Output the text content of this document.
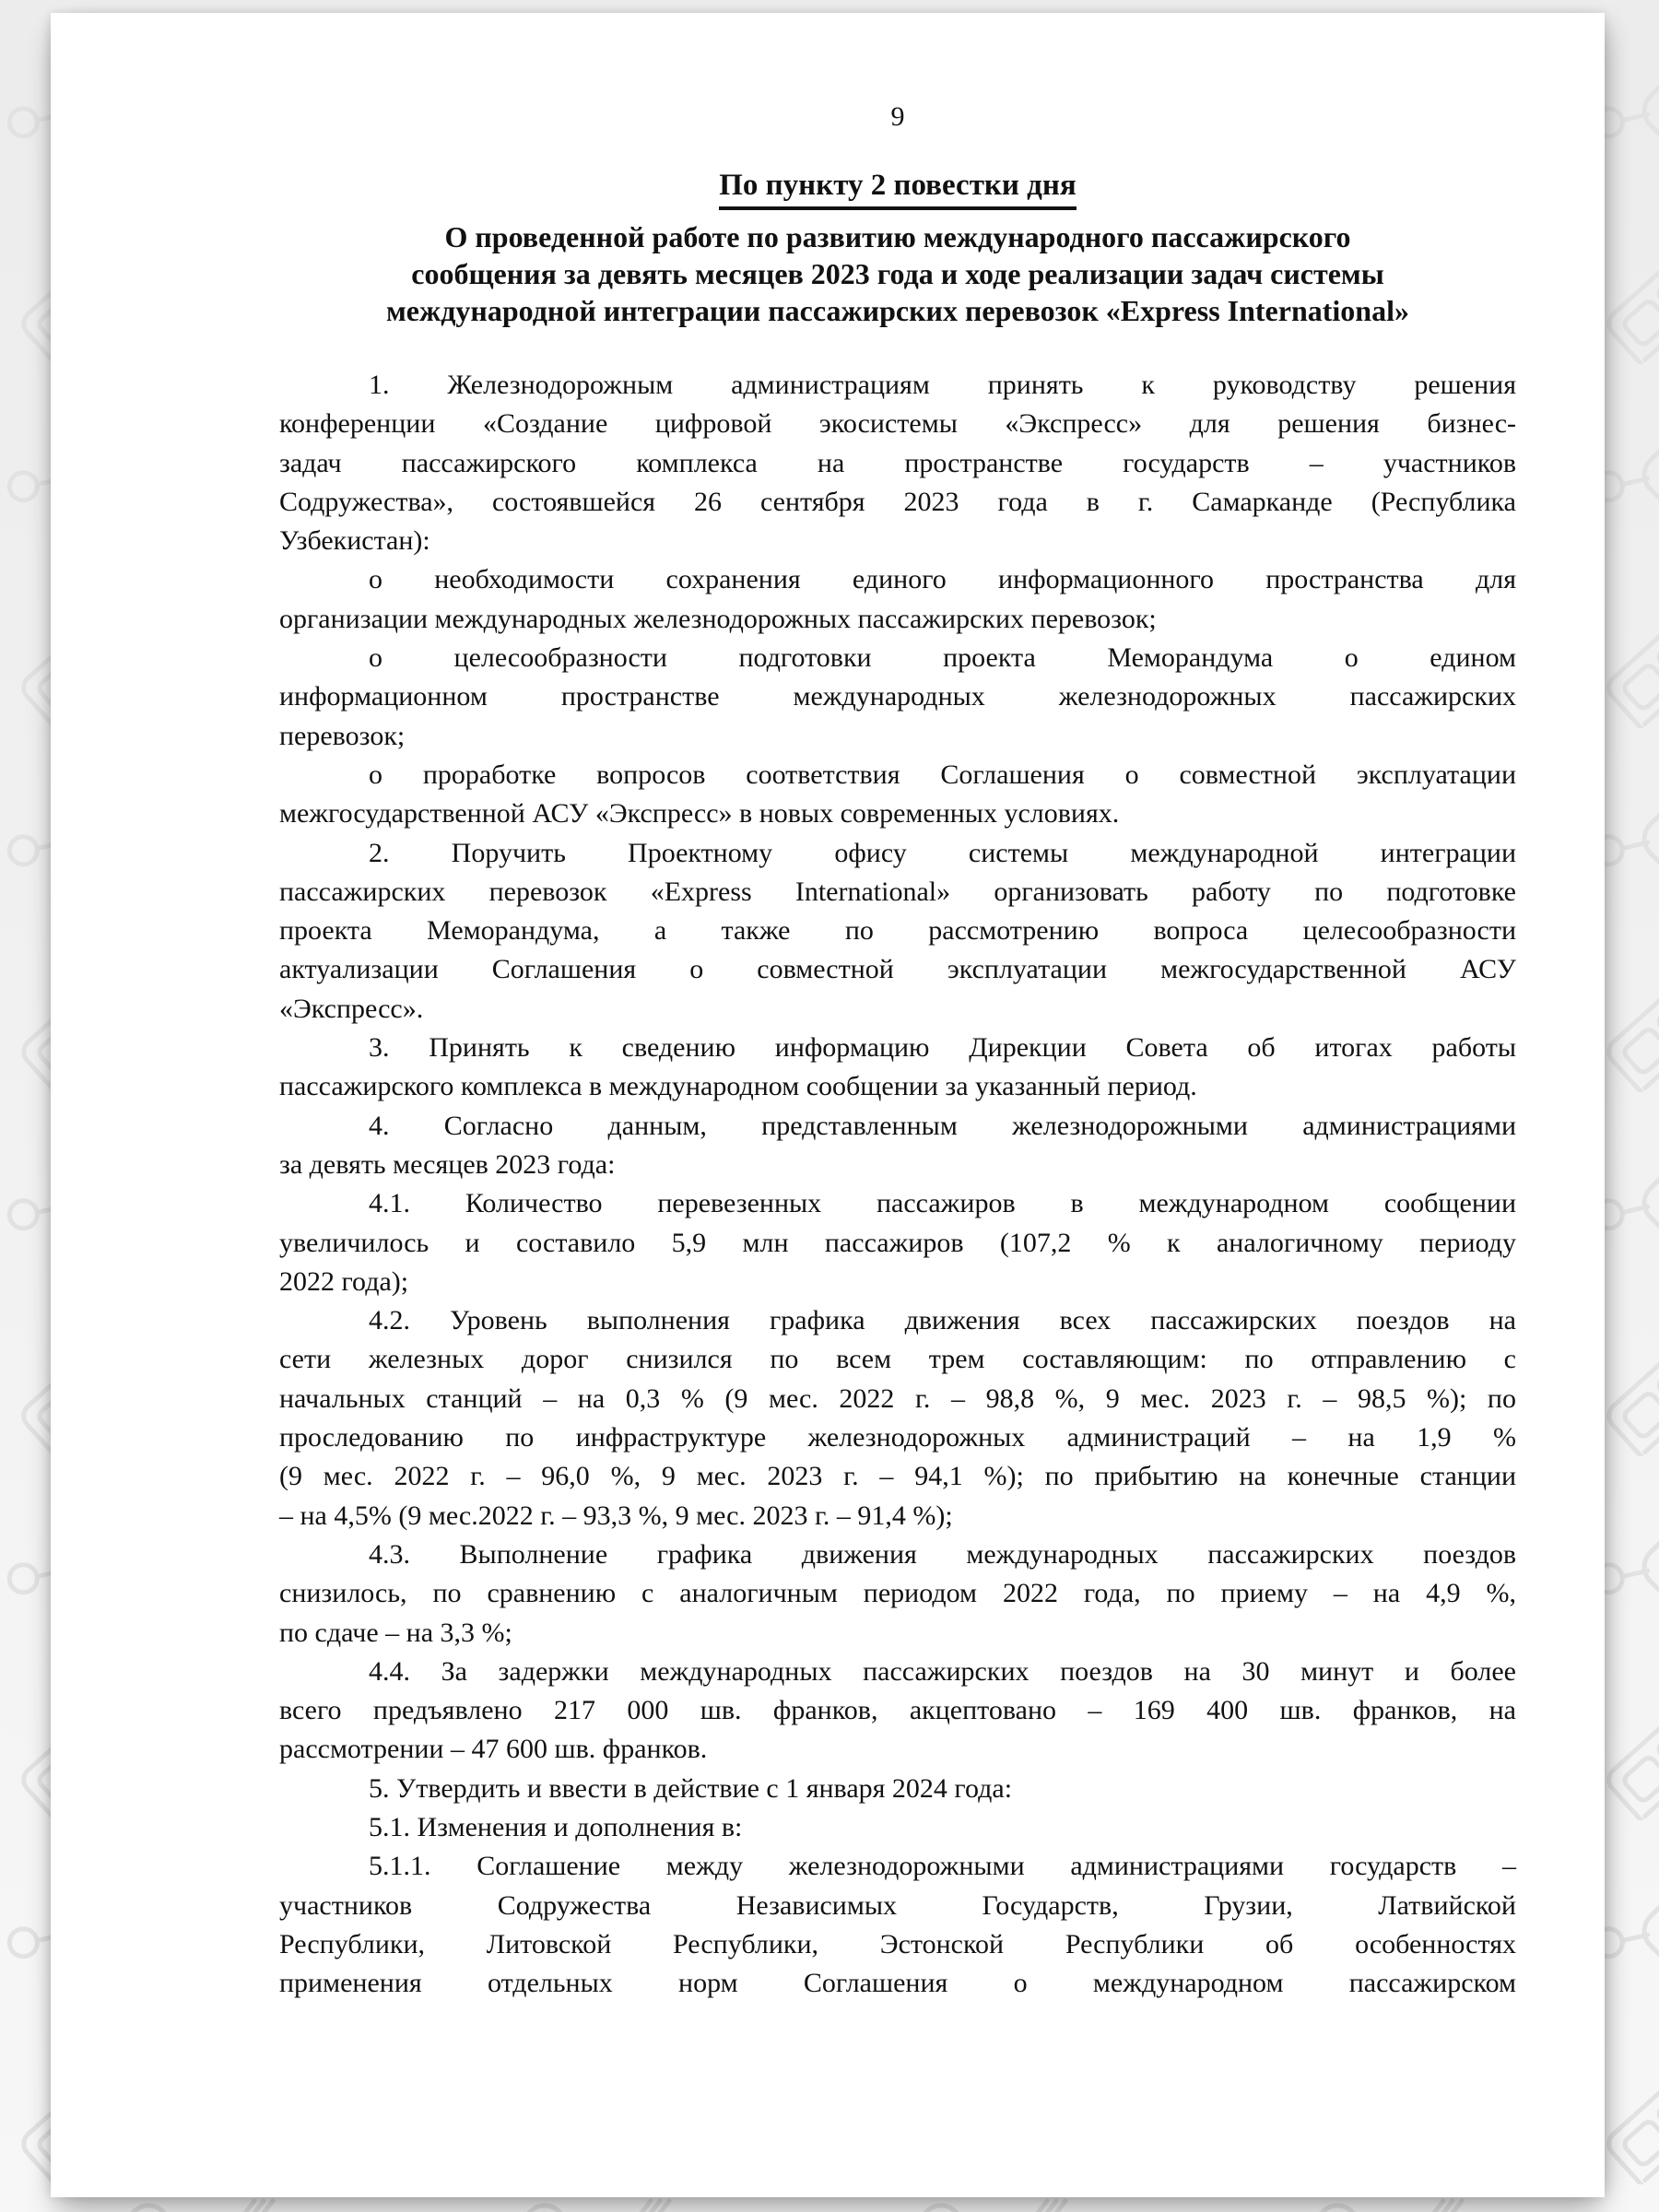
9
По пункту 2 повестки дня
О проведенной работе по развитию международного пассажирского
сообщения за девять месяцев 2023 года и ходе реализации задач системы
международной интеграции пассажирских перевозок «Express International»
1. Железнодорожным администрациям принять к руководству решения
конференции «Создание цифровой экосистемы «Экспресс» для решения бизнес-
задач пассажирского комплекса на пространстве государств – участников
Содружества», состоявшейся 26 сентября 2023 года в г. Самарканде (Республика
Узбекистан):
о необходимости сохранения единого информационного пространства для
организации международных железнодорожных пассажирских перевозок;
о целесообразности подготовки проекта Меморандума о едином
информационном пространстве международных железнодорожных пассажирских
перевозок;
о проработке вопросов соответствия Соглашения о совместной эксплуатации
межгосударственной АСУ «Экспресс» в новых современных условиях.
2. Поручить Проектному офису системы международной интеграции
пассажирских перевозок «Express International» организовать работу по подготовке
проекта Меморандума, а также по рассмотрению вопроса целесообразности
актуализации Соглашения о совместной эксплуатации межгосударственной АСУ
«Экспресс».
3. Принять к сведению информацию Дирекции Совета об итогах работы
пассажирского комплекса в международном сообщении за указанный период.
4. Согласно данным, представленным железнодорожными администрациями
за девять месяцев 2023 года:
4.1. Количество перевезенных пассажиров в международном сообщении
увеличилось и составило 5,9 млн пассажиров (107,2 % к аналогичному периоду
2022 года);
4.2. Уровень выполнения графика движения всех пассажирских поездов на
сети железных дорог снизился по всем трем составляющим: по отправлению с
начальных станций – на 0,3 % (9 мес. 2022 г. – 98,8 %, 9 мес. 2023 г. – 98,5 %); по
проследованию по инфраструктуре железнодорожных администраций – на 1,9 %
(9 мес. 2022 г. – 96,0 %, 9 мес. 2023 г. – 94,1 %); по прибытию на конечные станции
– на 4,5% (9 мес.2022 г. – 93,3 %, 9 мес. 2023 г. – 91,4 %);
4.3. Выполнение графика движения международных пассажирских поездов
снизилось, по сравнению с аналогичным периодом 2022 года, по приему – на 4,9 %,
по сдаче – на 3,3 %;
4.4. За задержки международных пассажирских поездов на 30 минут и более
всего предъявлено 217 000 шв. франков, акцептовано – 169 400 шв. франков, на
рассмотрении – 47 600 шв. франков.
5. Утвердить и ввести в действие с 1 января 2024 года:
5.1. Изменения и дополнения в:
5.1.1. Соглашение между железнодорожными администрациями государств –
участников Содружества Независимых Государств, Грузии, Латвийской
Республики, Литовской Республики, Эстонской Республики об особенностях
применения отдельных норм Соглашения о международном пассажирском
